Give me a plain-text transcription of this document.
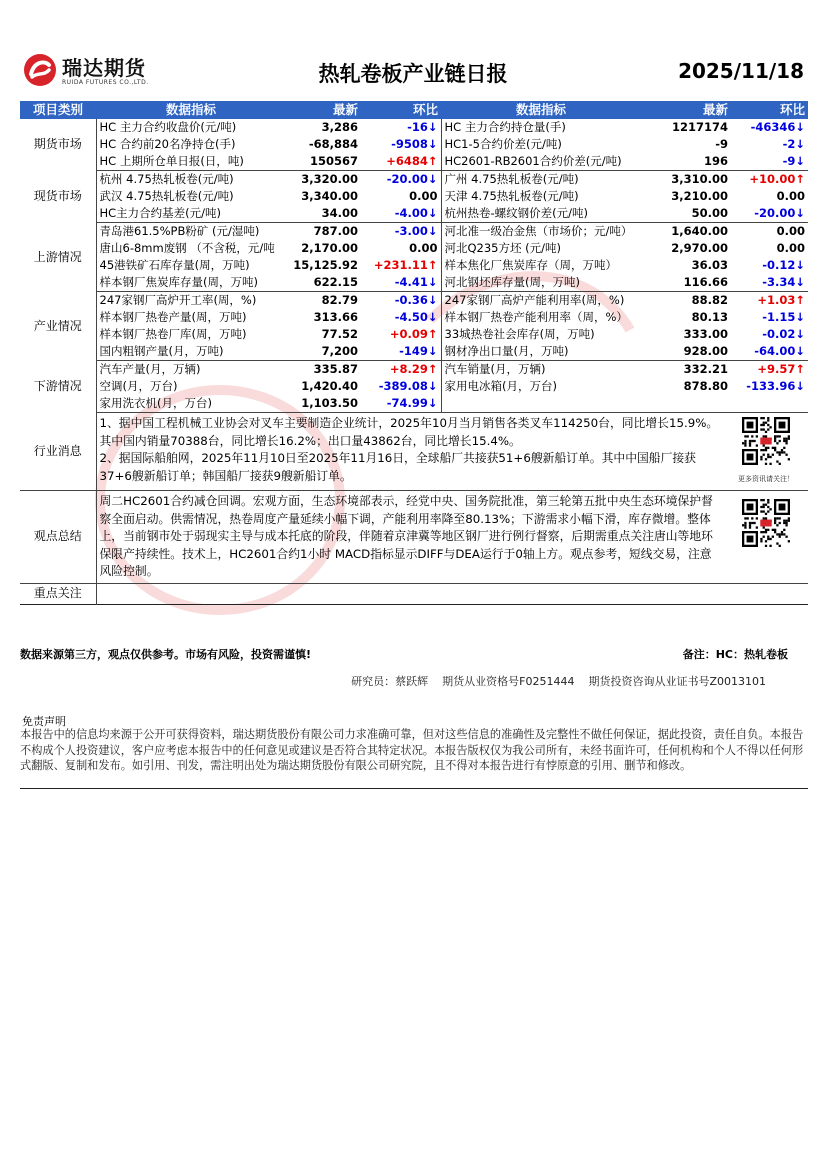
瑞达期货
RUIDA FUTURES CO.,LTD.	热轧卷板产业链日报	2025/11/18
项目类别	数据指标	最新	环比	数据指标	最新	环比
期货市场	HC 主力合约收盘价(元/吨)	3,286	-16↓	HC 主力合约持仓量(手)	1217174	-46346↓
	HC 合约前20名净持仓(手)	-68,884	-9508↓	HC1-5合约价差(元/吨)	-9	-2↓
	HC 上期所仓单日报(日，吨)	150567	+6484↑	HC2601-RB2601合约价差(元/吨)	196	-9↓
现货市场	杭州 4.75热轧板卷(元/吨)	3,320.00	-20.00↓	广州 4.75热轧板卷(元/吨)	3,310.00	+10.00↑
	武汉 4.75热轧板卷(元/吨)	3,340.00	0.00	天津 4.75热轧板卷(元/吨)	3,210.00	0.00
	HC主力合约基差(元/吨)	34.00	-4.00↓	杭州热卷-螺纹钢价差(元/吨)	50.00	-20.00↓
上游情况	青岛港61.5%PB粉矿 (元/湿吨)	787.00	-3.00↓	河北准一级冶金焦（市场价；元/吨）	1,640.00	0.00
	唐山6-8mm废钢 （不含税，元/吨	2,170.00	0.00	河北Q235方坯 (元/吨)	2,970.00	0.00
	45港铁矿石库存量(周，万吨)	15,125.92	+231.11↑	样本焦化厂焦炭库存（周，万吨）	36.03	-0.12↓
	样本钢厂焦炭库存量(周，万吨)	622.15	-4.41↓	河北钢坯库存量(周，万吨)	116.66	-3.34↓
产业情况	247家钢厂高炉开工率(周，%)	82.79	-0.36↓	247家钢厂高炉产能利用率(周，%)	88.82	+1.03↑
	样本钢厂热卷产量(周，万吨)	313.66	-4.50↓	样本钢厂热卷产能利用率（周，%）	80.13	-1.15↓
	样本钢厂热卷厂库(周，万吨)	77.52	+0.09↑	33城热卷社会库存(周，万吨)	333.00	-0.02↓
	国内粗钢产量(月，万吨)	7,200	-149↓	钢材净出口量(月，万吨)	928.00	-64.00↓
下游情况	汽车产量(月，万辆)	335.87	+8.29↑	汽车销量(月，万辆)	332.21	+9.57↑
	空调(月，万台)	1,420.40	-389.08↓	家用电冰箱(月，万台)	878.80	-133.96↓
	家用洗衣机(月，万台)	1,103.50	-74.99↓			
行业消息	1、据中国工程机械工业协会对叉车主要制造企业统计，2025年10月当月销售各类叉车114250台，同比增长15.9%。其中国内销量70388台，同比增长16.2%；出口量43862台，同比增长15.4%。
2、据国际船舶网，2025年11月10日至2025年11月16日，全球船厂共接获51+6艘新船订单。其中中国船厂接获37+6艘新船订单；韩国船厂接获9艘新船订单。 更多资讯请关注！					

观点总结	周二HC2601合约减仓回调。宏观方面，生态环境部表示，经党中央、国务院批准，第三轮第五批中央生态环境保护督察全面启动。供需情况，热卷周度产量延续小幅下调，产能利用率降至80.13%；下游需求小幅下滑，库存微增。整体上，当前钢市处于弱现实主导与成本托底的阶段，伴随着京津冀等地区钢厂进行例行督察，后期需重点关注唐山等地环保限产持续性。技术上，HC2601合约1小时 MACD指标显示DIFF与DEA运行于0轴上方。观点参考，短线交易，注意风险控制。					

重点关注						
数据来源第三方，观点仅供参考。市场有风险，投资需谨慎!	备注：HC：热轧卷板
研究员：蔡跃辉    期货从业资格号F0251444    期货投资咨询从业证书号Z0013101
免责声明
本报告中的信息均来源于公开可获得资料，瑞达期货股份有限公司力求准确可靠，但对这些信息的准确性及完整性不做任何保证，据此投资，责任自负。本报告不构成个人投资建议，客户应考虑本报告中的任何意见或建议是否符合其特定状况。本报告版权仅为我公司所有，未经书面许可，任何机构和个人不得以任何形式翻版、复制和发布。如引用、刊发，需注明出处为瑞达期货股份有限公司研究院，且不得对本报告进行有悖原意的引用、删节和修改。
